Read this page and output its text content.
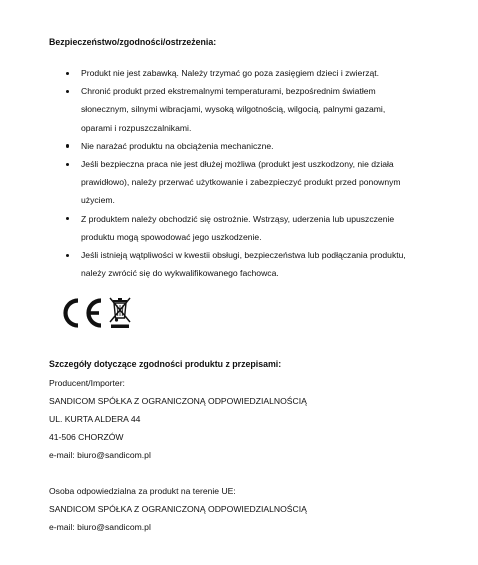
Bezpieczeństwo/zgodności/ostrzeżenia:
Produkt nie jest zabawką. Należy trzymać go poza zasięgiem dzieci i zwierząt.
Chronić produkt przed ekstremalnymi temperaturami, bezpośrednim światłem
słonecznym, silnymi wibracjami, wysoką wilgotnością, wilgocią, palnymi gazami,
oparami i rozpuszczalnikami.
Nie narażać produktu na obciążenia mechaniczne.
Jeśli bezpieczna praca nie jest dłużej możliwa (produkt jest uszkodzony, nie działa
prawidłowo), należy przerwać użytkowanie i zabezpieczyć produkt przed ponownym
użyciem.
Z produktem należy obchodzić się ostrożnie. Wstrząsy, uderzenia lub upuszczenie
produktu mogą spowodować jego uszkodzenie.
Jeśli istnieją wątpliwości w kwestii obsługi, bezpieczeństwa lub podłączania produktu,
należy zwrócić się do wykwalifikowanego fachowca.
Szczegóły dotyczące zgodności produktu z przepisami:
Producent/Importer:
SANDICOM SPÓŁKA Z OGRANICZONĄ ODPOWIEDZIALNOŚCIĄ
UL. KURTA ALDERA 44
41-506 CHORZÓW
e-mail: biuro@sandicom.pl
Osoba odpowiedzialna za produkt na terenie UE:
SANDICOM SPÓŁKA Z OGRANICZONĄ ODPOWIEDZIALNOŚCIĄ
e-mail: biuro@sandicom.pl
